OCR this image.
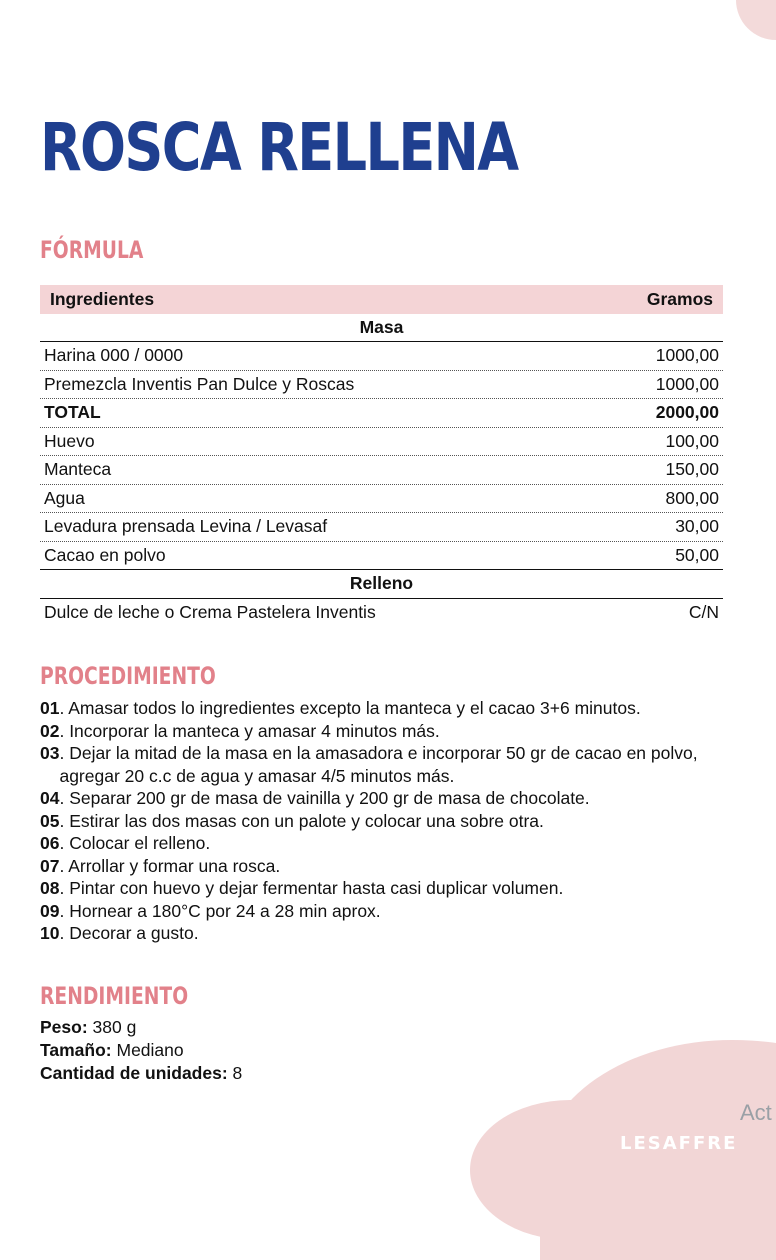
ROSCA RELLENA
FÓRMULA
Ingredientes	Gramos
Masa
Harina 000 / 0000	1000,00
Premezcla Inventis Pan Dulce y Roscas	1000,00
TOTAL	2000,00
Huevo	100,00
Manteca	150,00
Agua	800,00
Levadura prensada Levina / Levasaf	30,00
Cacao en polvo	50,00
Relleno
Dulce de leche o Crema Pastelera Inventis	C/N
PROCEDIMIENTO
01 . Amasar todos lo ingredientes excepto la manteca y el cacao 3+6 minutos.
02 . Incorporar la manteca y amasar 4 minutos más.
03 . Dejar la mitad de la masa en la amasadora e incorporar 50 gr de cacao en polvo, agregar 20 c.c de agua y amasar 4/5 minutos más.
04 . Separar 200 gr de masa de vainilla y 200 gr de masa de chocolate.
05 . Estirar las dos masas con un palote y colocar una sobre otra.
06 . Colocar el relleno.
07 . Arrollar y formar una rosca.
08 . Pintar con huevo y dejar fermentar hasta casi duplicar volumen.
09 . Hornear a 180°C por 24 a 28 min aprox.
10 . Decorar a gusto.
RENDIMIENTO
Peso: 380 g
Tamaño: Mediano
Cantidad de unidades: 8
Act
LESAFFRE
